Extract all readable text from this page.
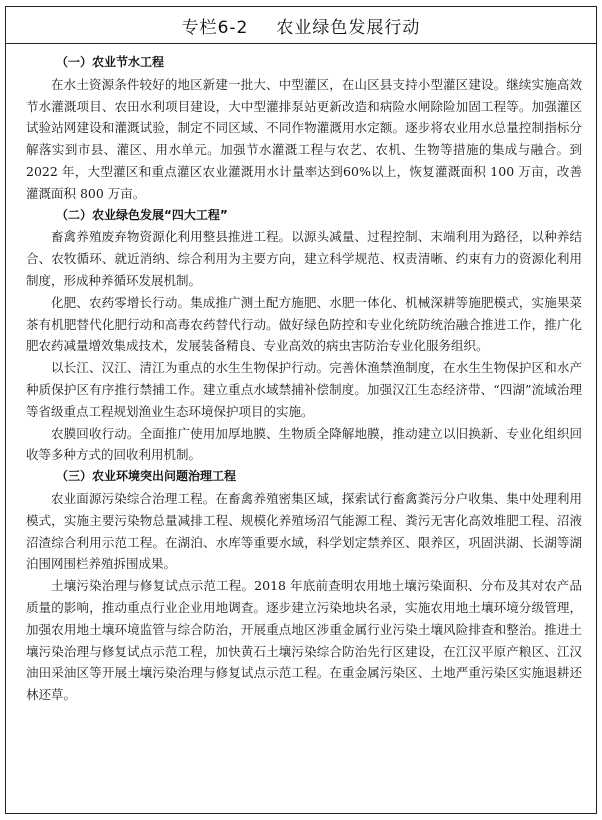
专栏6-2 农业绿色发展行动

（一）农业节水工程

在水土资源条件较好的地区新建一批大、中型灌区，在山区县支持小型灌区建设。继续实施高效节水灌溉项目、农田水利项目建设，大中型灌排泵站更新改造和病险水闸除险加固工程等。加强灌区试验站网建设和灌溉试验，制定不同区域、不同作物灌溉用水定额。逐步将农业用水总量控制指标分解落实到市县、灌区、用水单元。加强节水灌溉工程与农艺、农机、生物等措施的集成与融合。到 2022 年，大型灌区和重点灌区农业灌溉用水计量率达到60%以上，恢复灌溉面积 100 万亩，改善灌溉面积 800 万亩。

（二）农业绿色发展“四大工程”

畜禽养殖废弃物资源化利用整县推进工程。以源头减量、过程控制、末端利用为路径，以种养结合、农牧循环、就近消纳、综合利用为主要方向，建立科学规范、权责清晰、约束有力的资源化利用制度，形成种养循环发展机制。

化肥、农药零增长行动。集成推广测土配方施肥、水肥一体化、机械深耕等施肥模式，实施果菜茶有机肥替代化肥行动和高毒农药替代行动。做好绿色防控和专业化统防统治融合推进工作，推广化肥农药减量增效集成技术，发展装备精良、专业高效的病虫害防治专业化服务组织。

以长江、汉江、清江为重点的水生生物保护行动。完善休渔禁渔制度，在水生生物保护区和水产种质保护区有序推行禁捕工作。建立重点水域禁捕补偿制度。加强汉江生态经济带、“四湖”流域治理等省级重点工程规划渔业生态环境保护项目的实施。

农膜回收行动。全面推广使用加厚地膜、生物质全降解地膜，推动建立以旧换新、专业化组织回收等多种方式的回收利用机制。

（三）农业环境突出问题治理工程

农业面源污染综合治理工程。在畜禽养殖密集区域，探索试行畜禽粪污分户收集、集中处理利用模式，实施主要污染物总量减排工程、规模化养殖场沼气能源工程、粪污无害化高效堆肥工程、沼液沼渣综合利用示范工程。在湖泊、水库等重要水域，科学划定禁养区、限养区，巩固洪湖、长湖等湖泊围网围栏养殖拆围成果。

土壤污染治理与修复试点示范工程。2018 年底前查明农用地土壤污染面积、分布及其对农产品质量的影响，推动重点行业企业用地调查。逐步建立污染地块名录，实施农用地土壤环境分级管理，加强农用地土壤环境监管与综合防治，开展重点地区涉重金属行业污染土壤风险排查和整治。推进土壤污染治理与修复试点示范工程，加快黄石土壤污染综合防治先行区建设，在江汉平原产粮区、江汉油田采油区等开展土壤污染治理与修复试点示范工程。在重金属污染区、土地严重污染区实施退耕还林还草。
